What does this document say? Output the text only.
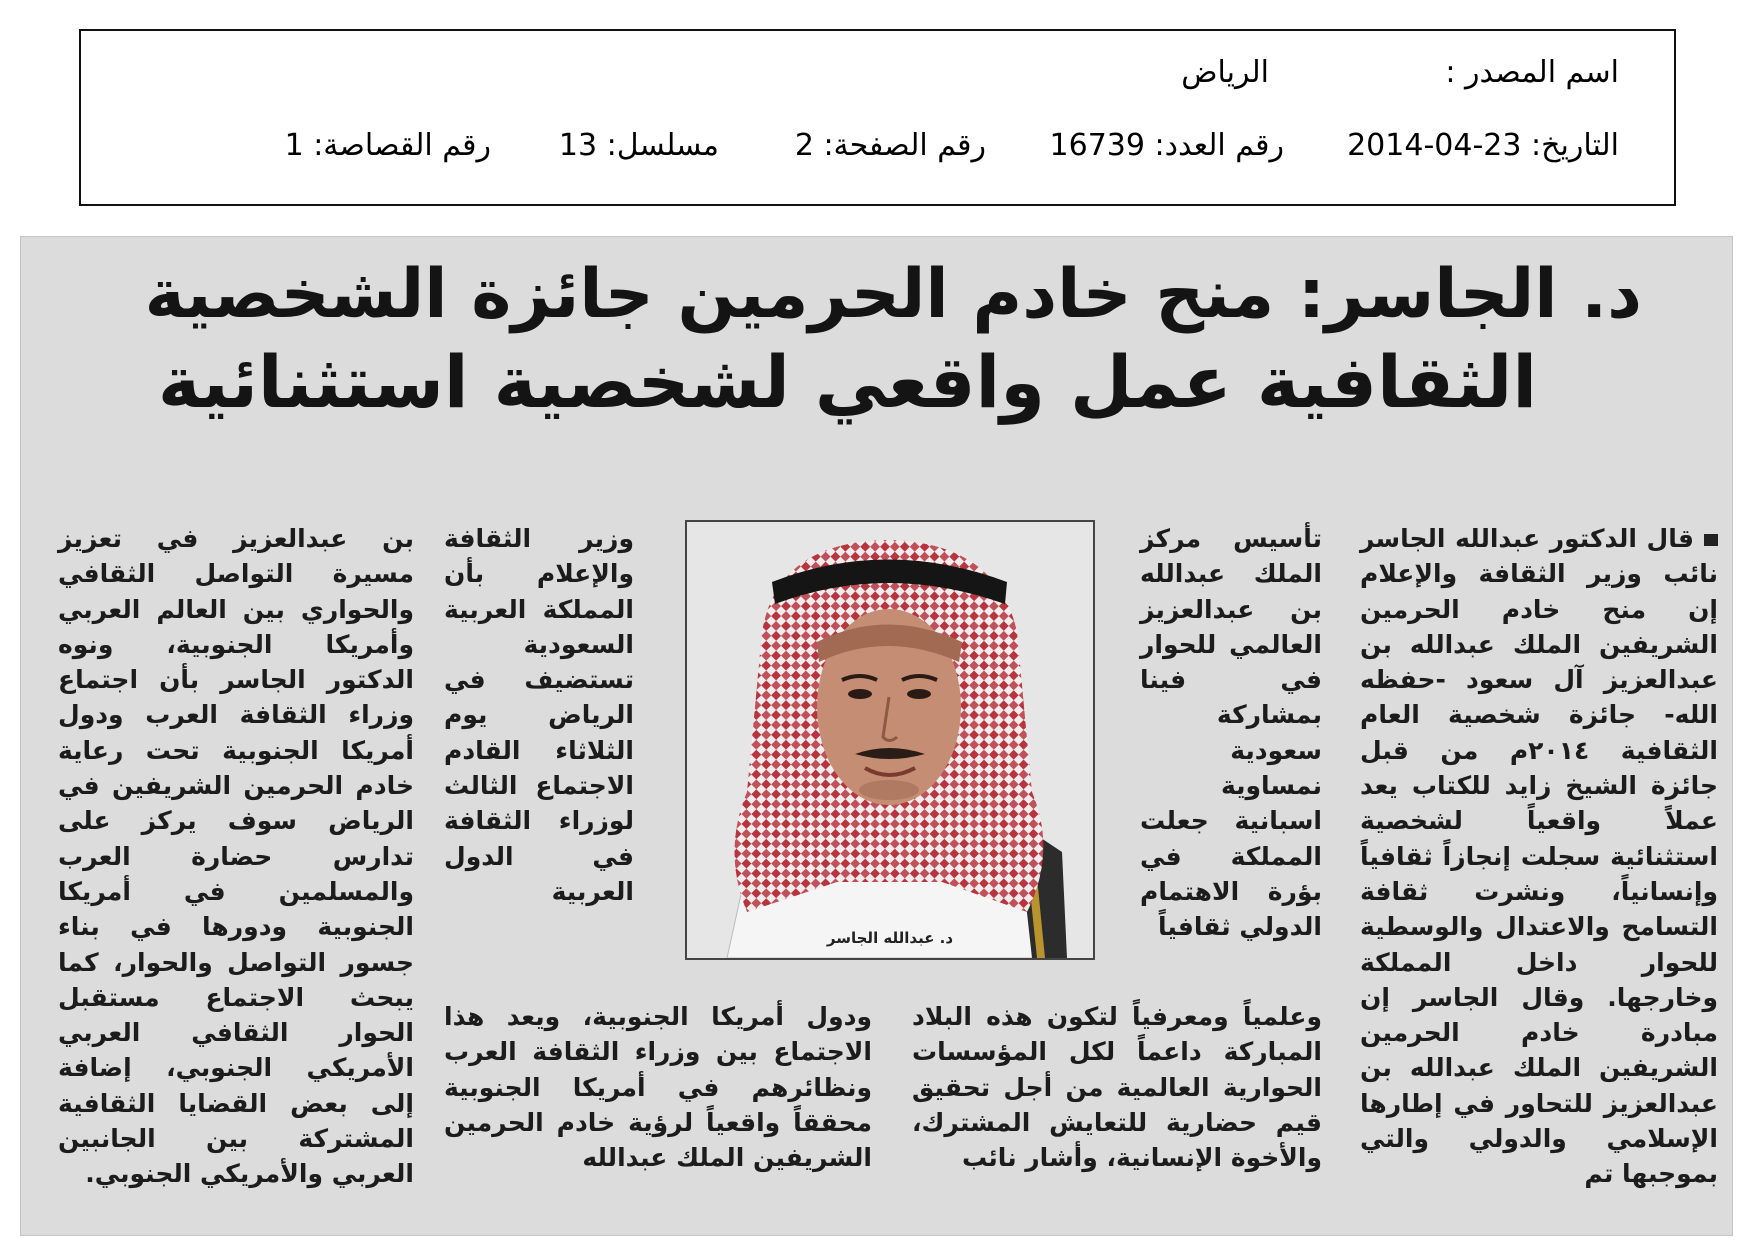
اسم المصدر :
الرياض
التاريخ: 23-04-2014
رقم العدد: 16739
رقم الصفحة: 2
مسلسل: 13
رقم القصاصة: 1
د. الجاسر: منح خادم الحرمين جائزة الشخصية
الثقافية عمل واقعي لشخصية استثنائية
قال الدكتور عبدالله الجاسر نائب وزير الثقافة والإعلام إن منح خادم الحرمين الشريفين الملك عبدالله بن عبدالعزيز آل سعود -حفظه الله- جائزة شخصية العام الثقافية ٢٠١٤م من قبل جائزة الشيخ زايد للكتاب يعد عملاً واقعياً لشخصية استثنائية سجلت إنجازاً ثقافياً وإنسانياً، ونشرت ثقافة التسامح والاعتدال والوسطية للحوار داخل المملكة وخارجها. وقال الجاسر إن مبادرة خادم الحرمين الشريفين الملك عبدالله بن عبدالعزيز للتحاور في إطارها الإسلامي والدولي والتي بموجبها تم
تأسيس مركز الملك عبدالله بن عبدالعزيز العالمي للحوار في فينا بمشاركة سعودية نمساوية اسبانية جعلت المملكة في بؤرة الاهتمام الدولي ثقافياً
وعلمياً ومعرفياً لتكون هذه البلاد المباركة داعماً لكل المؤسسات الحوارية العالمية من أجل تحقيق قيم حضارية للتعايش المشترك، والأخوة الإنسانية، وأشار نائب
د. عبدالله الجاسر
وزير الثقافة والإعلام بأن المملكة العربية السعودية تستضيف في الرياض يوم الثلاثاء القادم الاجتماع الثالث لوزراء الثقافة في الدول العربية
ودول أمريكا الجنوبية، ويعد هذا الاجتماع بين وزراء الثقافة العرب ونظائرهم في أمريكا الجنوبية محققاً واقعياً لرؤية خادم الحرمين الشريفين الملك عبدالله
بن عبدالعزيز في تعزيز مسيرة التواصل الثقافي والحواري بين العالم العربي وأمريكا الجنوبية، ونوه الدكتور الجاسر بأن اجتماع وزراء الثقافة العرب ودول أمريكا الجنوبية تحت رعاية خادم الحرمين الشريفين في الرياض سوف يركز على تدارس حضارة العرب والمسلمين في أمريكا الجنوبية ودورها في بناء جسور التواصل والحوار، كما يبحث الاجتماع مستقبل الحوار الثقافي العربي الأمريكي الجنوبي، إضافة إلى بعض القضايا الثقافية المشتركة بين الجانبين العربي والأمريكي الجنوبي.
